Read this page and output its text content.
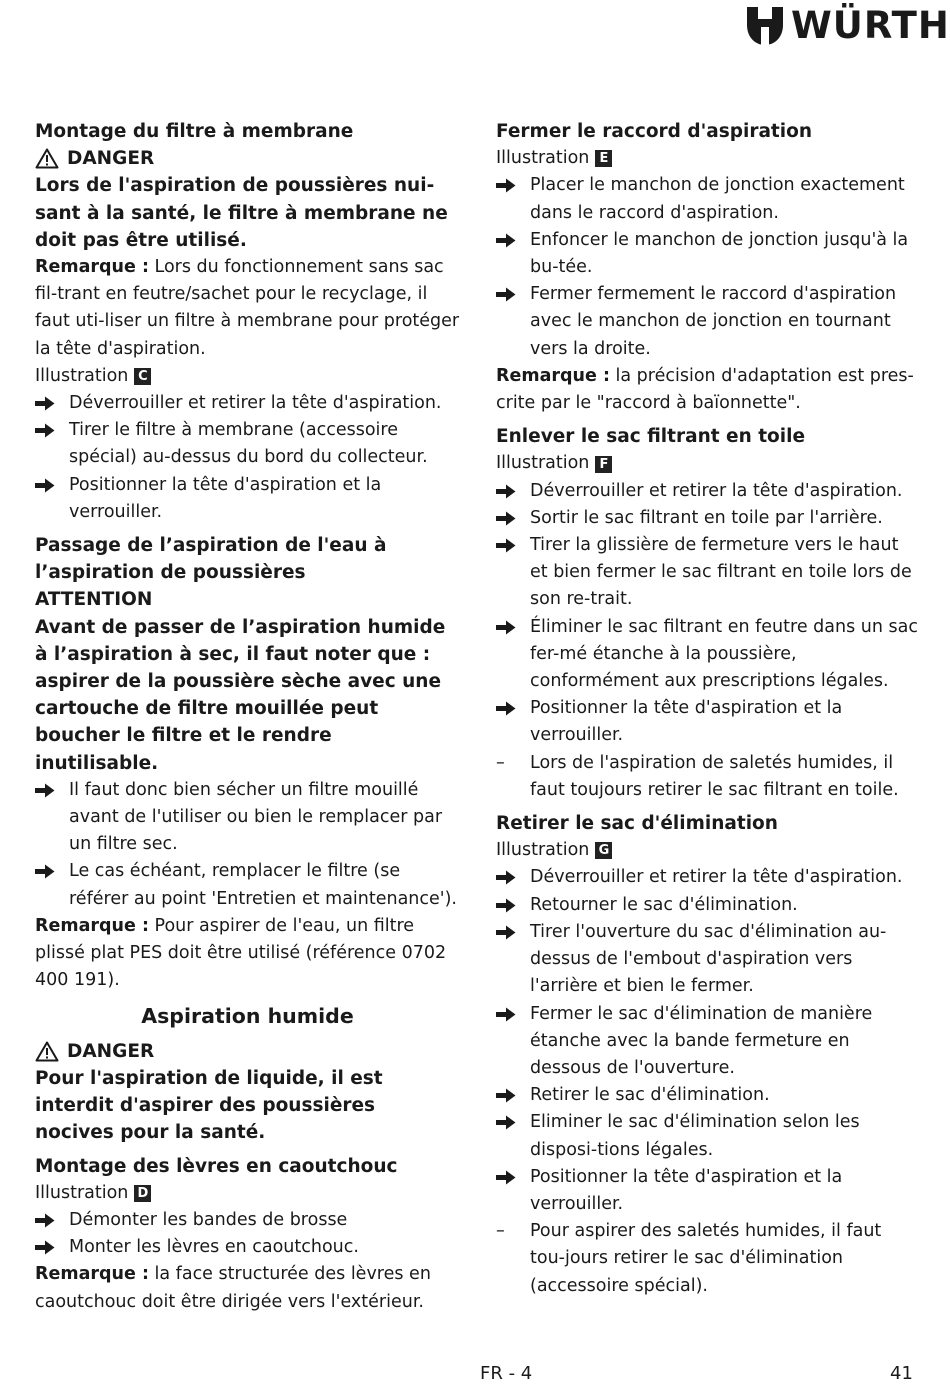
WÜRTH
Montage du filtre à membrane
DANGER
Lors de l'aspiration de poussières nui-sant à la santé, le filtre à membrane ne doit pas être utilisé.
Remarque : Lors du fonctionnement sans sac fil-trant en feutre/sachet pour le recyclage, il faut uti-liser un filtre à membrane pour protéger la tête d'aspiration.
Illustration C
Déverrouiller et retirer la tête d'aspiration.
Tirer le filtre à membrane (accessoire spécial) au-dessus du bord du collecteur.
Positionner la tête d'aspiration et la verrouiller.
Passage de l’aspiration de l'eau à l’aspiration de poussières
ATTENTION
Avant de passer de l’aspiration humide à l’aspiration à sec, il faut noter que : aspirer de la poussière sèche avec une cartouche de filtre mouillée peut boucher le filtre et le rendre inutilisable.
Il faut donc bien sécher un filtre mouillé avant de l'utiliser ou bien le remplacer par un filtre sec.
Le cas échéant, remplacer le filtre (se référer au point 'Entretien et maintenance').
Remarque : Pour aspirer de l'eau, un filtre plissé plat PES doit être utilisé (référence 0702 400 191).
Aspiration humide
DANGER
Pour l'aspiration de liquide, il est interdit d'aspirer des poussières nocives pour la santé.
Montage des lèvres en caoutchouc
Illustration D
Démonter les bandes de brosse
Monter les lèvres en caoutchouc.
Remarque : la face structurée des lèvres en caoutchouc doit être dirigée vers l'extérieur.
Fermer le raccord d'aspiration
Illustration E
Placer le manchon de jonction exactement dans le raccord d'aspiration.
Enfoncer le manchon de jonction jusqu'à la bu-tée.
Fermer fermement le raccord d'aspiration avec le manchon de jonction en tournant vers la droite.
Remarque : la précision d'adaptation est pres-crite par le "raccord à baïonnette".
Enlever le sac filtrant en toile
Illustration F
Déverrouiller et retirer la tête d'aspiration.
Sortir le sac filtrant en toile par l'arrière.
Tirer la glissière de fermeture vers le haut et bien fermer le sac filtrant en toile lors de son re-trait.
Éliminer le sac filtrant en feutre dans un sac fer-mé étanche à la poussière, conformément aux prescriptions légales.
Positionner la tête d'aspiration et la verrouiller.
–	Lors de l'aspiration de saletés humides, il faut toujours retirer le sac filtrant en toile.
Retirer le sac d'élimination
Illustration G
Déverrouiller et retirer la tête d'aspiration.
Retourner le sac d'élimination.
Tirer l'ouverture du sac d'élimination au-dessus de l'embout d'aspiration vers l'arrière et bien le fermer.
Fermer le sac d'élimination de manière étanche avec la bande fermeture en dessous de l'ouverture.
Retirer le sac d'élimination.
Eliminer le sac d'élimination selon les disposi-tions légales.
Positionner la tête d'aspiration et la verrouiller.
–	Pour aspirer des saletés humides, il faut tou-jours retirer le sac d'élimination (accessoire spécial).
FR - 4	41
